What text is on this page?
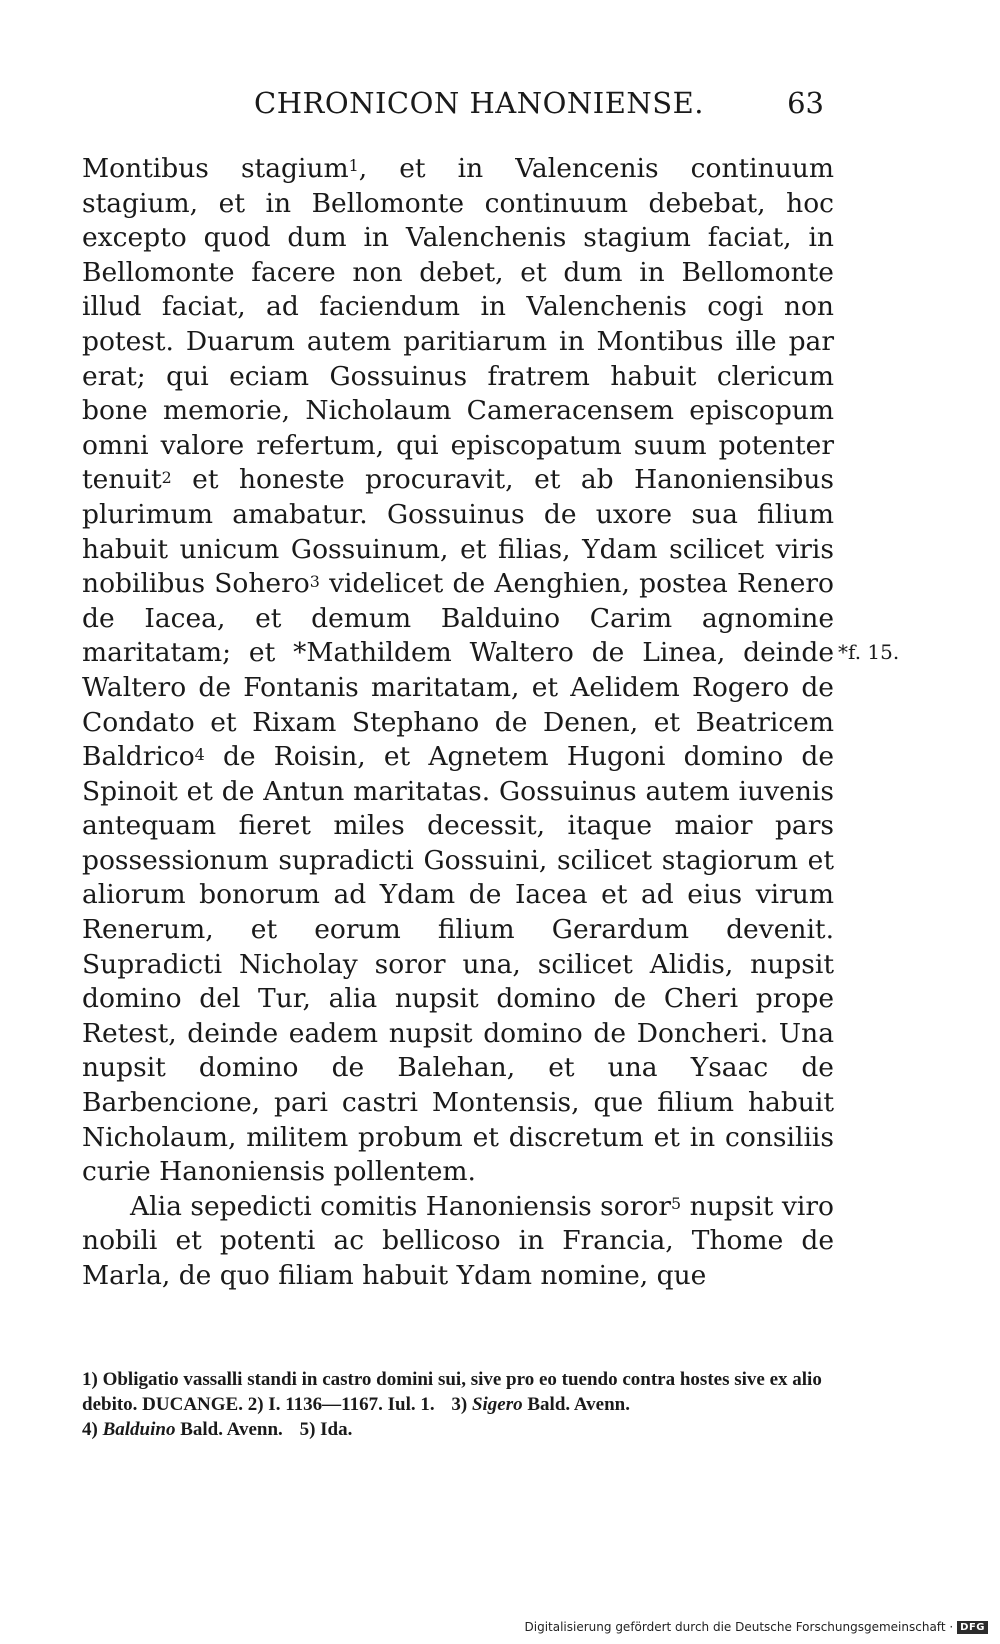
CHRONICON HANONIENSE.	63

Montibus stagium$^1$, et in Valencenis continuum stagium, et in Bellomonte continuum debebat, hoc excepto quod dum in Valenchenis stagium faciat, in Bellomonte facere non debet, et dum in Bellomonte illud faciat, ad faciendum in Valenchenis cogi non potest. Duarum autem paritiarum in Montibus ille par erat; qui eciam Gossuinus fratrem habuit clericum bone memorie, Nicholaum Cameracensem episcopum omni valore refertum, qui episcopatum suum potenter tenuit$^2$ et honeste procuravit, et ab Hanoniensibus plurimum amabatur. Gossuinus de uxore sua filium habuit unicum Gossuinum, et filias, Ydam scilicet viris nobilibus Sohero$^3$ videlicet de Aenghien, postea Renero de Iacea, et demum Balduino Carim agnomine maritatam; et *Mathildem Waltero de Linea, deinde Waltero de Fontanis maritatam, et Aelidem Rogero de Condato et Rixam Stephano de Denen, et Beatricem Baldrico$^4$ de Roisin, et Agnetem Hugoni domino de Spinoit et de Antun maritatas. Gossuinus autem iuvenis antequam fieret miles decessit, itaque maior pars possessionum supradicti Gossuini, scilicet stagiorum et aliorum bonorum ad Ydam de Iacea et ad eius virum Renerum, et eorum filium Gerardum devenit. Supradicti Nicholay soror una, scilicet Alidis, nupsit domino del Tur, alia nupsit domino de Cheri prope Retest, deinde eadem nupsit domino de Doncheri. Una nupsit domino de Balehan, et una Ysaac de Barbencione, pari castri Montensis, que filium habuit Nicholaum, militem probum et discretum et in consiliis curie Hanoniensis pollentem.

Alia sepedicti comitis Hanoniensis soror$^5$ nupsit viro nobili et potenti ac bellicoso in Francia, Thome de Marla, de quo filiam habuit Ydam nomine, que

*f. 15.
1) Obligatio vassalli standi in castro domini sui, sive pro eo tuendo contra hostes sive ex alio debito. DUCANGE. 2) I. 1136—1167. Iul. 1. 3) Sigero Bald. Avenn. 4) Balduino Bald. Avenn. 5) Ida.
Digitalisierung gefördert durch die Deutsche Forschungsgemeinschaft · DFG
